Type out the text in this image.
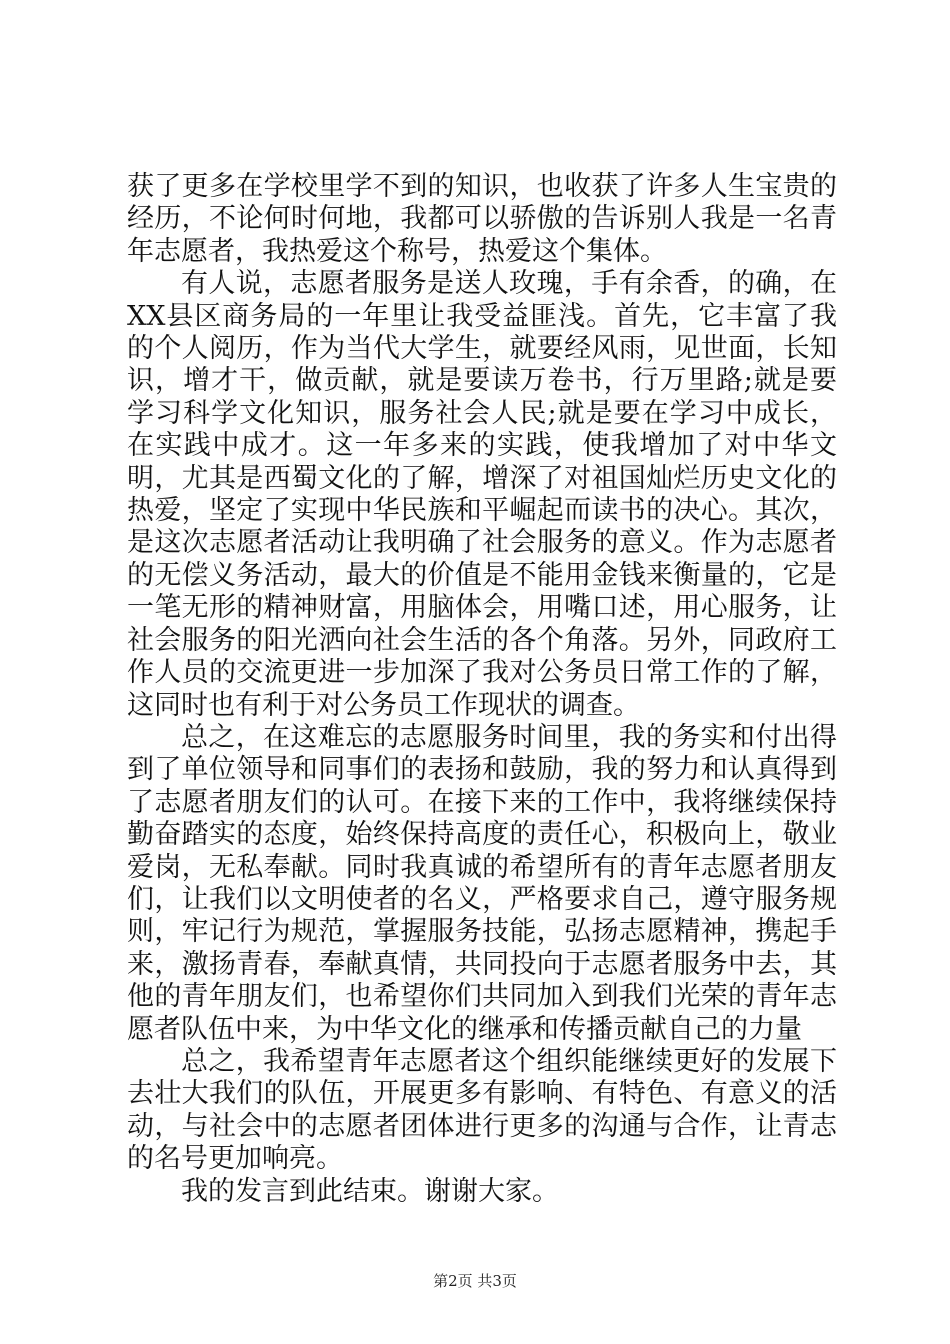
获了更多在学校里学不到的知识，也收获了许多人生宝贵的经历，不论何时何地，我都可以骄傲的告诉别人我是一名青年志愿者，我热爱这个称号，热爱这个集体。

有人说，志愿者服务是送人玫瑰，手有余香，的确，在XX县区商务局的一年里让我受益匪浅。首先，它丰富了我的个人阅历，作为当代大学生，就要经风雨，见世面，长知识，增才干，做贡献，就是要读万卷书，行万里路;就是要学习科学文化知识，服务社会人民;就是要在学习中成长，在实践中成才。这一年多来的实践，使我增加了对中华文明，尤其是西蜀文化的了解，增深了对祖国灿烂历史文化的热爱，坚定了实现中华民族和平崛起而读书的决心。其次，是这次志愿者活动让我明确了社会服务的意义。作为志愿者的无偿义务活动，最大的价值是不能用金钱来衡量的，它是一笔无形的精神财富，用脑体会，用嘴口述，用心服务，让社会服务的阳光洒向社会生活的各个角落。另外，同政府工作人员的交流更进一步加深了我对公务员日常工作的了解，这同时也有利于对公务员工作现状的调查。

总之，在这难忘的志愿服务时间里，我的务实和付出得到了单位领导和同事们的表扬和鼓励，我的努力和认真得到了志愿者朋友们的认可。在接下来的工作中，我将继续保持勤奋踏实的态度，始终保持高度的责任心，积极向上，敬业爱岗，无私奉献。同时我真诚的希望所有的青年志愿者朋友们，让我们以文明使者的名义，严格要求自己，遵守服务规则，牢记行为规范，掌握服务技能，弘扬志愿精神，携起手来，激扬青春，奉献真情，共同投向于志愿者服务中去，其他的青年朋友们，也希望你们共同加入到我们光荣的青年志愿者队伍中来，为中华文化的继承和传播贡献自己的力量

总之，我希望青年志愿者这个组织能继续更好的发展下去壮大我们的队伍，开展更多有影响、有特色、有意义的活动，与社会中的志愿者团体进行更多的沟通与合作，让青志的名号更加响亮。

我的发言到此结束。谢谢大家。

第2页 共3页
